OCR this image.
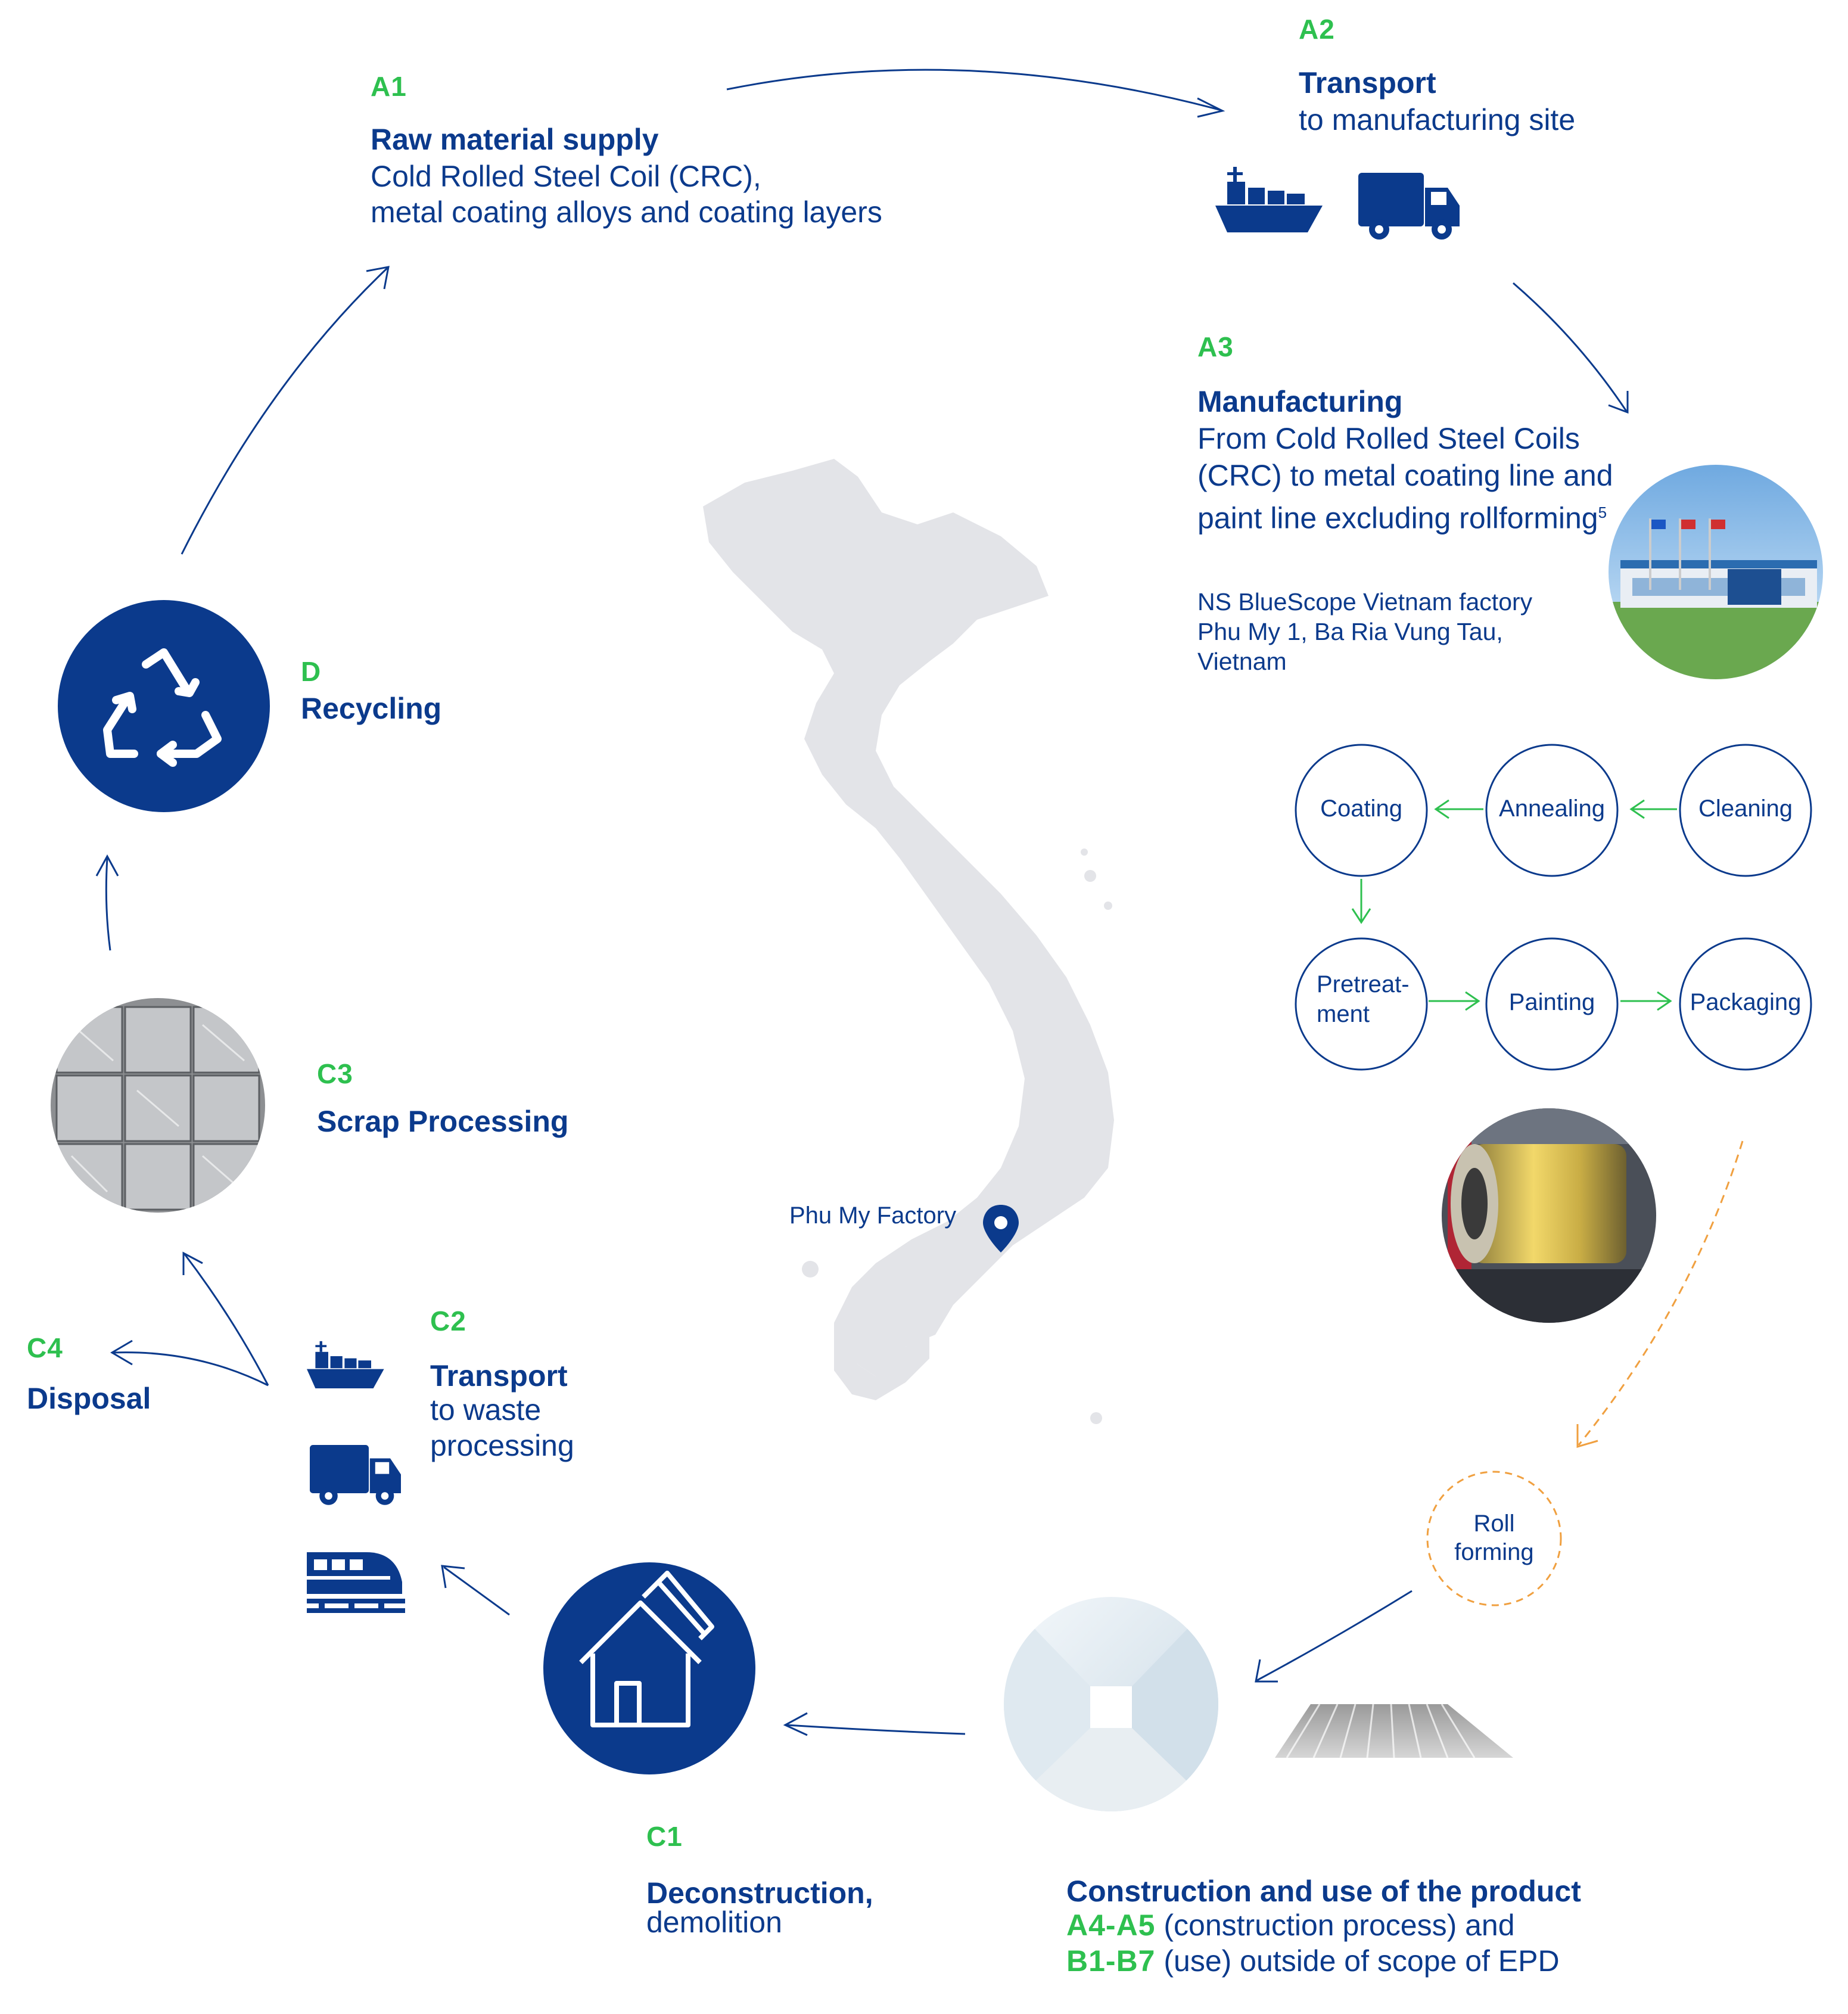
A1
Raw material supply
Cold Rolled Steel Coil (CRC),
metal coating alloys and coating layers
A2
Transport
to manufacturing site
A3
Manufacturing
From Cold Rolled Steel Coils
(CRC) to metal coating line and
paint line excluding rollforming$^5$
NS BlueScope Vietnam factory
Phu My 1, Ba Ria Vung Tau,
Vietnam
Coating	Annealing	Cleaning
Pretreat-
ment	Painting	Packaging
Roll
forming
Construction and use of the product
A4-A5 (construction process) and
B1-B7 (use) outside of scope of EPD
C1
Deconstruction,
demolition
C2
Transport
to waste
processing
C3
Scrap Processing
C4
Disposal
D
Recycling
Phu My Factory
